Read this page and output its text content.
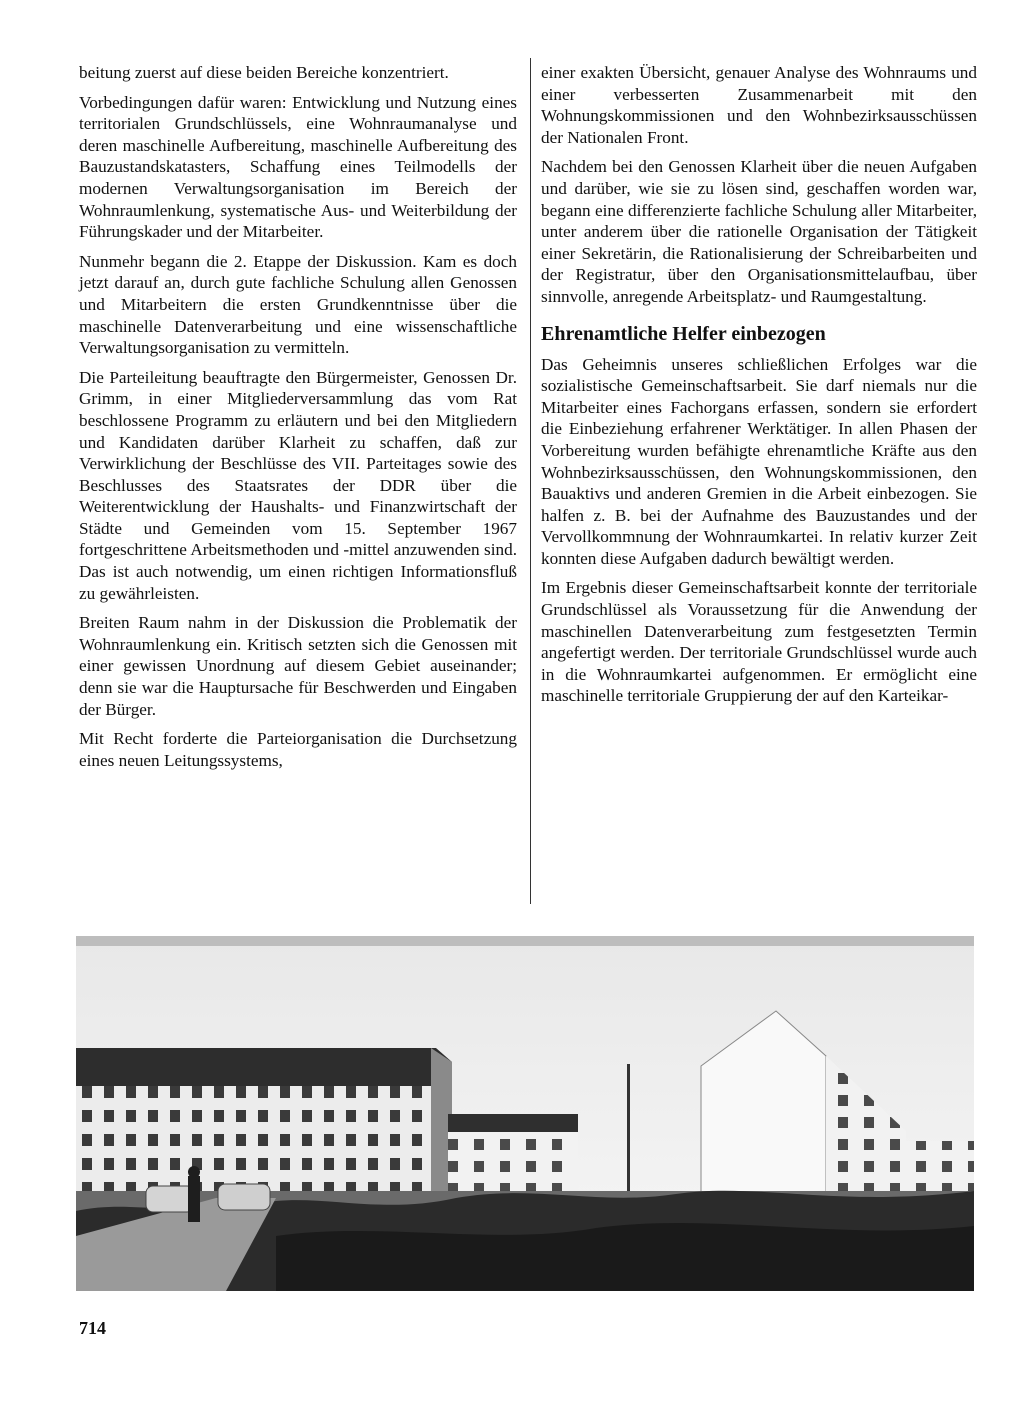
beitung zuerst auf diese beiden Bereiche konzentriert.

Vorbedingungen dafür waren: Entwicklung und Nutzung eines territorialen Grundschlüssels, eine Wohnraumanalyse und deren maschinelle Aufbereitung, maschinelle Aufbereitung des Bauzustandskatasters, Schaffung eines Teilmodells der modernen Verwaltungsorganisation im Bereich der Wohnraumlenkung, systematische Aus- und Weiterbildung der Führungskader und der Mitarbeiter.

Nunmehr begann die 2. Etappe der Diskussion. Kam es doch jetzt darauf an, durch gute fachliche Schulung allen Genossen und Mitarbeitern die ersten Grundkenntnisse über die maschinelle Datenverarbeitung und eine wissenschaftliche Verwaltungsorganisation zu vermitteln.

Die Parteileitung beauftragte den Bürgermeister, Genossen Dr. Grimm, in einer Mitgliederversammlung das vom Rat beschlossene Programm zu erläutern und bei den Mitgliedern und Kandidaten darüber Klarheit zu schaffen, daß zur Verwirklichung der Beschlüsse des VII. Parteitages sowie des Beschlusses des Staatsrates der DDR über die Weiterentwicklung der Haushalts- und Finanzwirtschaft der Städte und Gemeinden vom 15. September 1967 fortgeschrittene Arbeitsmethoden und -mittel anzuwenden sind. Das ist auch notwendig, um einen richtigen Informationsfluß zu gewährleisten.

Breiten Raum nahm in der Diskussion die Problematik der Wohnraumlenkung ein. Kritisch setzten sich die Genossen mit einer gewissen Unordnung auf diesem Gebiet auseinander; denn sie war die Hauptursache für Beschwerden und Eingaben der Bürger.

Mit Recht forderte die Parteiorganisation die Durchsetzung eines neuen Leitungssystems,

einer exakten Übersicht, genauer Analyse des Wohnraums und einer verbesserten Zusammenarbeit mit den Wohnungskommissionen und den Wohnbezirksausschüssen der Nationalen Front.

Nachdem bei den Genossen Klarheit über die neuen Aufgaben und darüber, wie sie zu lösen sind, geschaffen worden war, begann eine differenzierte fachliche Schulung aller Mitarbeiter, unter anderem über die rationelle Organisation der Tätigkeit einer Sekretärin, die Rationalisierung der Schreibarbeiten und der Registratur, über den Organisationsmittelaufbau, über sinnvolle, anregende Arbeitsplatz- und Raumgestaltung.

Ehrenamtliche Helfer einbezogen

Das Geheimnis unseres schließlichen Erfolges war die sozialistische Gemeinschaftsarbeit. Sie darf niemals nur die Mitarbeiter eines Fachorgans erfassen, sondern sie erfordert die Einbeziehung erfahrener Werktätiger. In allen Phasen der Vorbereitung wurden befähigte ehrenamtliche Kräfte aus den Wohnbezirksausschüssen, den Wohnungskommissionen, den Bauaktivs und anderen Gremien in die Arbeit einbezogen. Sie halfen z. B. bei der Aufnahme des Bauzustandes und der Vervollkommnung der Wohnraumkartei. In relativ kurzer Zeit konnten diese Aufgaben dadurch bewältigt werden.

Im Ergebnis dieser Gemeinschaftsarbeit konnte der territoriale Grundschlüssel als Voraussetzung für die Anwendung der maschinellen Datenverarbeitung zum festgesetzten Termin angefertigt werden. Der territoriale Grundschlüssel wurde auch in die Wohnraumkartei aufgenommen. Er ermöglicht eine maschinelle territoriale Gruppierung der auf den Karteikar-

714
